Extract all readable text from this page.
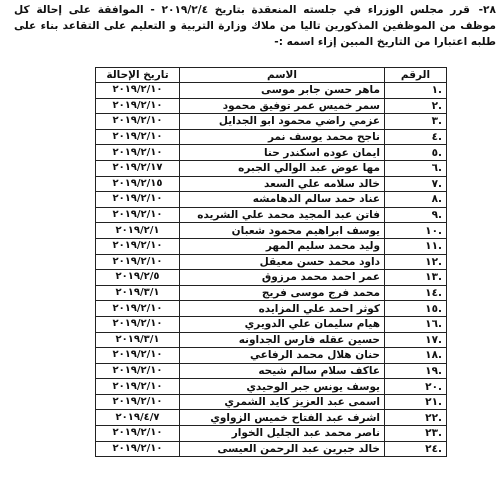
٢٨- قرر مجلس الوزراء في جلسته المنعقدة بتاريخ ٢٠١٩/٢/٤ - الموافقة على إحالة كل موظف من الموظفين المذكورين تاليا من ملاك وزارة التربية و التعليم على التقاعد بناء على طلبه اعتبارا من التاريخ المبين إزاء اسمه :-
الرقم	الاسم	تاريخ الإحالة
.١	ماهر حسن جابر موسى	٢٠١٩/٢/١٠
.٢	سمر خميس عمر توفيق محمود	٢٠١٩/٢/١٠
.٣	عزمي راضي محمود ابو الجدايل	٢٠١٩/٢/١٠
.٤	ناجح محمد يوسف نمر	٢٠١٩/٢/١٠
.٥	ايمان عوده اسكندر حنا	٢٠١٩/٢/١٠
.٦	مها عوض عبد الوالي الجبره	٢٠١٩/٢/١٧
.٧	خالد سلامه علي السعد	٢٠١٩/٢/١٥
.٨	عناد حمد سالم الدهامشه	٢٠١٩/٢/١٠
.٩	فاتن عبد المجيد محمد علي الشريده	٢٠١٩/٢/١٠
.١٠	يوسف ابراهيم محمود شعبان	٢٠١٩/٢/١
.١١	وليد محمد سليم المهر	٢٠١٩/٢/١٠
.١٢	داود محمد حسن معيقل	٢٠١٩/٢/١٠
.١٣	عمر احمد محمد مرزوق	٢٠١٩/٢/٥
.١٤	محمد فرج موسى فريج	٢٠١٩/٣/١
.١٥	كوثر احمد علي المزايده	٢٠١٩/٢/١٠
.١٦	هيام سليمان علي الدويري	٢٠١٩/٢/١٠
.١٧	حسين عقله فارس الجداونه	٢٠١٩/٣/١
.١٨	حنان هلال محمد الرفاعي	٢٠١٩/٢/١٠
.١٩	عاكف سلام سالم شيحه	٢٠١٩/٢/١٠
.٢٠	يوسف يونس جبر الوحيدي	٢٠١٩/٢/١٠
.٢١	اسمى عبد العزيز كايد الشمري	٢٠١٩/٢/١٠
.٢٢	اشرف عبد الفتاح خميس الزواوي	٢٠١٩/٤/٧
.٢٣	ناصر محمد عبد الجليل الخوار	٢٠١٩/٢/١٠
.٢٤	خالد جبرين عبد الرحمن العيسى	٢٠١٩/٢/١٠
